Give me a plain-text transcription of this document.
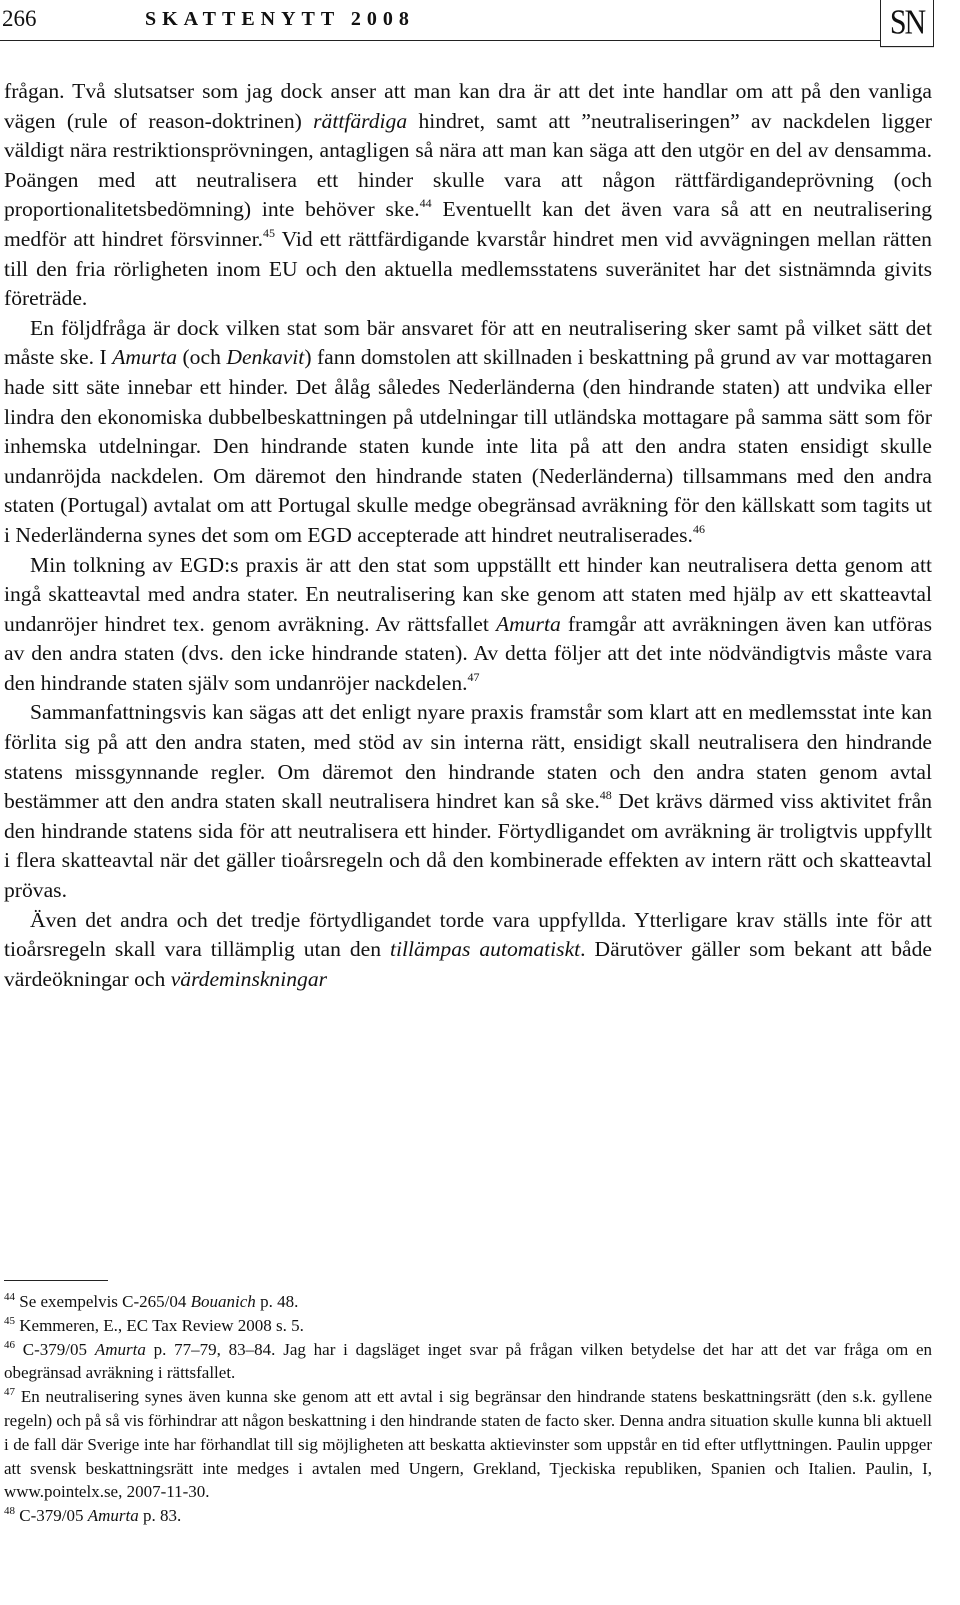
266	SKATTENYTT 2008	SN

frågan. Två slutsatser som jag dock anser att man kan dra är att det inte handlar om att på den vanliga vägen (rule of reason-doktrinen) rättfärdiga hindret, samt att ”neutraliseringen” av nackdelen ligger väldigt nära restriktionsprövningen, antagligen så nära att man kan säga att den utgör en del av densamma. Poängen med att neutralisera ett hinder skulle vara att någon rättfärdigandeprövning (och proportionalitetsbedömning) inte behöver ske.$^{44}$ Eventuellt kan det även vara så att en neutralisering medför att hindret försvinner.$^{45}$ Vid ett rättfärdigande kvarstår hindret men vid avvägningen mellan rätten till den fria rörligheten inom EU och den aktuella medlemsstatens suveränitet har det sistnämnda givits företräde.

En följdfråga är dock vilken stat som bär ansvaret för att en neutralisering sker samt på vilket sätt det måste ske. I Amurta (och Denkavit) fann domstolen att skillnaden i beskattning på grund av var mottagaren hade sitt säte innebar ett hinder. Det ålåg således Nederländerna (den hindrande staten) att undvika eller lindra den ekonomiska dubbelbeskattningen på utdelningar till utländska mottagare på samma sätt som för inhemska utdelningar. Den hindrande staten kunde inte lita på att den andra staten ensidigt skulle undanröjda nackdelen. Om däremot den hindrande staten (Nederländerna) tillsammans med den andra staten (Portugal) avtalat om att Portugal skulle medge obegränsad avräkning för den källskatt som tagits ut i Nederländerna synes det som om EGD accepterade att hindret neutraliserades.$^{46}$

Min tolkning av EGD:s praxis är att den stat som uppställt ett hinder kan neutralisera detta genom att ingå skatteavtal med andra stater. En neutralisering kan ske genom att staten med hjälp av ett skatteavtal undanröjer hindret tex. genom avräkning. Av rättsfallet Amurta framgår att avräkningen även kan utföras av den andra staten (dvs. den icke hindrande staten). Av detta följer att det inte nödvändigtvis måste vara den hindrande staten själv som undanröjer nackdelen.$^{47}$

Sammanfattningsvis kan sägas att det enligt nyare praxis framstår som klart att en medlemsstat inte kan förlita sig på att den andra staten, med stöd av sin interna rätt, ensidigt skall neutralisera den hindrande statens missgynnande regler. Om däremot den hindrande staten och den andra staten genom avtal bestämmer att den andra staten skall neutralisera hindret kan så ske.$^{48}$ Det krävs därmed viss aktivitet från den hindrande statens sida för att neutralisera ett hinder. Förtydligandet om avräkning är troligtvis uppfyllt i flera skatteavtal när det gäller tioårsregeln och då den kombinerade effekten av intern rätt och skatteavtal prövas.

Även det andra och det tredje förtydligandet torde vara uppfyllda. Ytterligare krav ställs inte för att tioårsregeln skall vara tillämplig utan den tillämpas automatiskt. Därutöver gäller som bekant att både värdeökningar och värdeminskningar

$^{44}$ Se exempelvis C-265/04 Bouanich p. 48.

$^{45}$ Kemmeren, E., EC Tax Review 2008 s. 5.

$^{46}$ C-379/05 Amurta p. 77–79, 83–84. Jag har i dagsläget inget svar på frågan vilken betydelse det har att det var fråga om en obegränsad avräkning i rättsfallet.

$^{47}$ En neutralisering synes även kunna ske genom att ett avtal i sig begränsar den hindrande statens beskattningsrätt (den s.k. gyllene regeln) och på så vis förhindrar att någon beskattning i den hindrande staten de facto sker. Denna andra situation skulle kunna bli aktuell i de fall där Sverige inte har förhandlat till sig möjligheten att beskatta aktievinster som uppstår en tid efter utflyttningen. Paulin uppger att svensk beskattningsrätt inte medges i avtalen med Ungern, Grekland, Tjeckiska republiken, Spanien och Italien. Paulin, I, www.pointelx.se, 2007-11-30.

$^{48}$ C-379/05 Amurta p. 83.
